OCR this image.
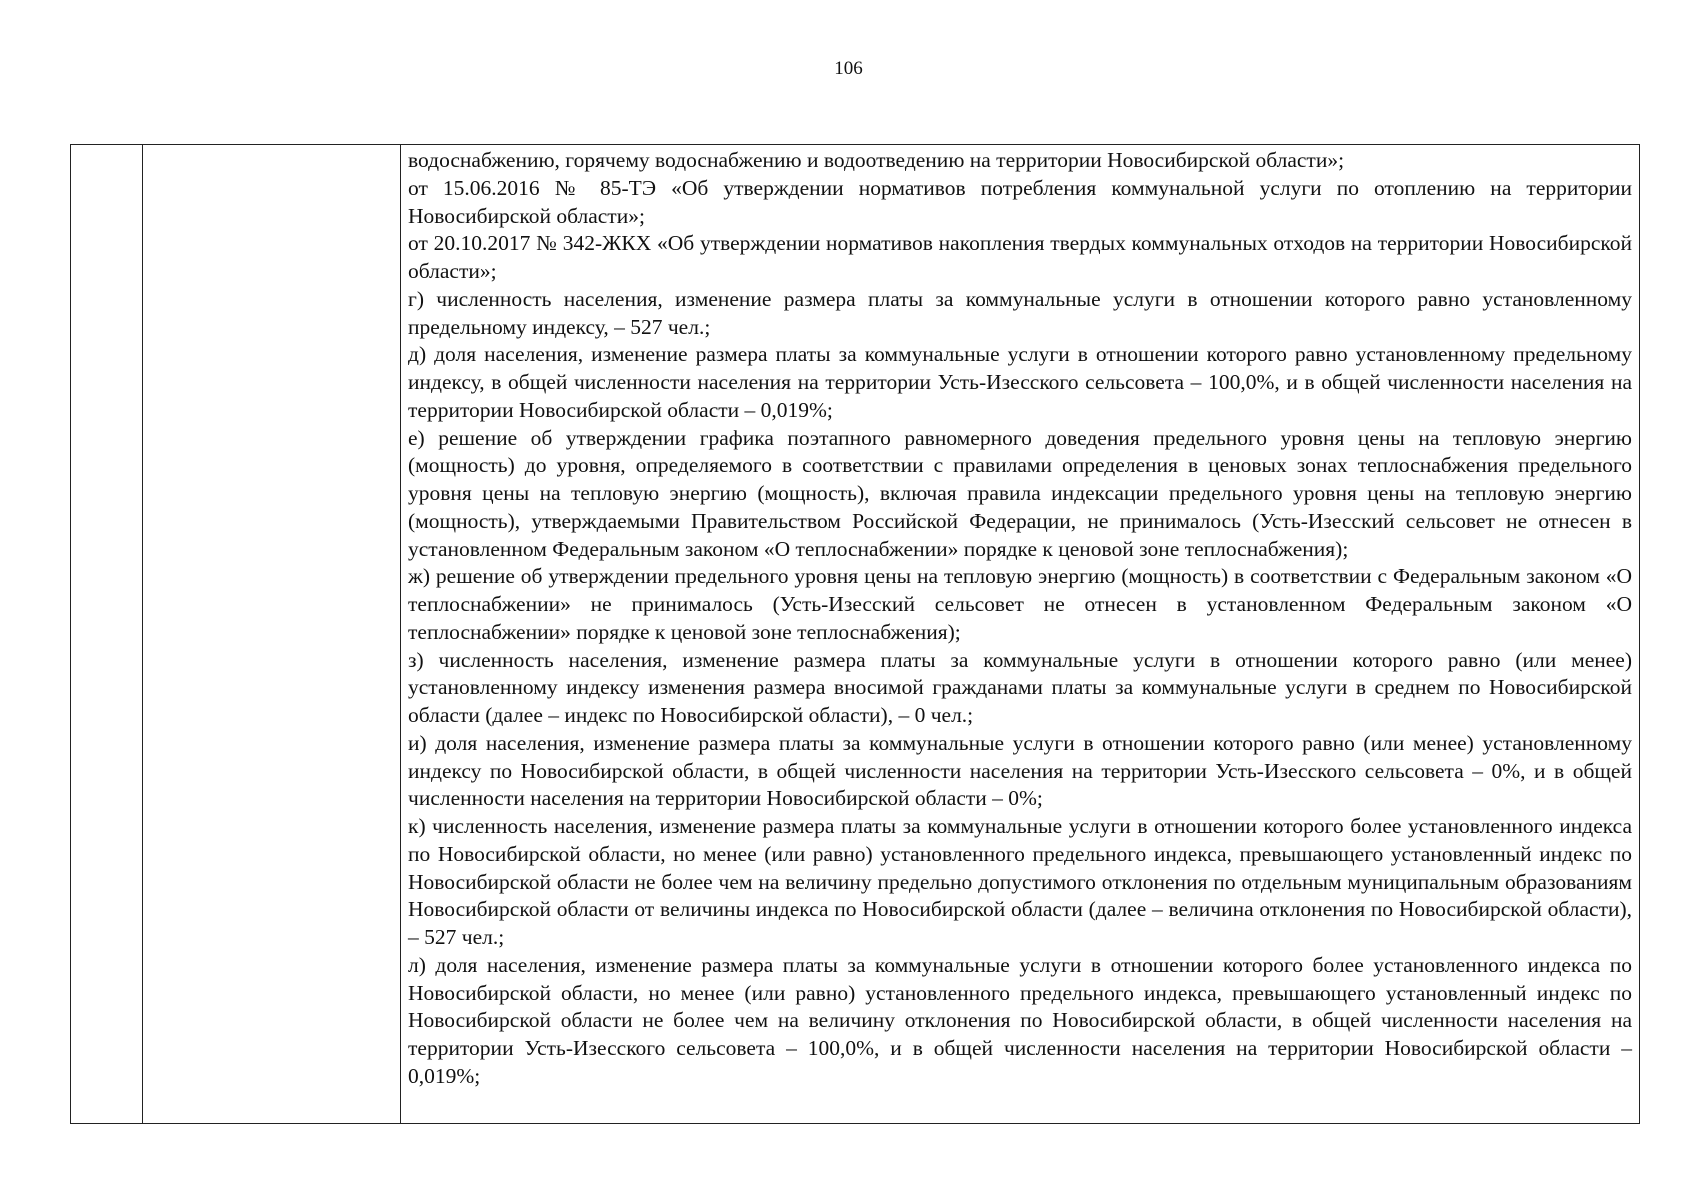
106

водоснабжению, горячему водоснабжению и водоотведению на территории Новосибирской области»;

от 15.06.2016 № 85-ТЭ «Об утверждении нормативов потребления коммунальной услуги по отоплению на территории Новосибирской области»;

от 20.10.2017 № 342-ЖКХ «Об утверждении нормативов накопления твердых коммунальных отходов на территории Новосибирской области»;

г) численность населения, изменение размера платы за коммунальные услуги в отношении которого равно установленному предельному индексу, – 527 чел.;

д) доля населения, изменение размера платы за коммунальные услуги в отношении которого равно установленному предельному индексу, в общей численности населения на территории Усть-Изесского сельсовета – 100,0%, и в общей численности населения на территории Новосибирской области – 0,019%;

е) решение об утверждении графика поэтапного равномерного доведения предельного уровня цены на тепловую энергию (мощность) до уровня, определяемого в соответствии с правилами определения в ценовых зонах теплоснабжения предельного уровня цены на тепловую энергию (мощность), включая правила индексации предельного уровня цены на тепловую энергию (мощность), утверждаемыми Правительством Российской Федерации, не принималось (Усть-Изесский сельсовет не отнесен в установленном Федеральным законом «О теплоснабжении» порядке к ценовой зоне теплоснабжения);

ж) решение об утверждении предельного уровня цены на тепловую энергию (мощность) в соответствии с Федеральным законом «О теплоснабжении» не принималось (Усть-Изесский сельсовет не отнесен в установленном Федеральным законом «О теплоснабжении» порядке к ценовой зоне теплоснабжения);

з) численность населения, изменение размера платы за коммунальные услуги в отношении которого равно (или менее) установленному индексу изменения размера вносимой гражданами платы за коммунальные услуги в среднем по Новосибирской области (далее – индекс по Новосибирской области), – 0 чел.;

и) доля населения, изменение размера платы за коммунальные услуги в отношении которого равно (или менее) установленному индексу по Новосибирской области, в общей численности населения на территории Усть-Изесского сельсовета – 0%, и в общей численности населения на территории Новосибирской области – 0%;

к) численность населения, изменение размера платы за коммунальные услуги в отношении которого более установленного индекса по Новосибирской области, но менее (или равно) установленного предельного индекса, превышающего установленный индекс по Новосибирской области не более чем на величину предельно допустимого отклонения по отдельным муниципальным образованиям Новосибирской области от величины индекса по Новосибирской области (далее – величина отклонения по Новосибирской области), – 527 чел.;

л) доля населения, изменение размера платы за коммунальные услуги в отношении которого более установленного индекса по Новосибирской области, но менее (или равно) установленного предельного индекса, превышающего установленный индекс по Новосибирской области не более чем на величину отклонения по Новосибирской области, в общей численности населения на территории Усть-Изесского сельсовета – 100,0%, и в общей численности населения на территории Новосибирской области – 0,019%;
